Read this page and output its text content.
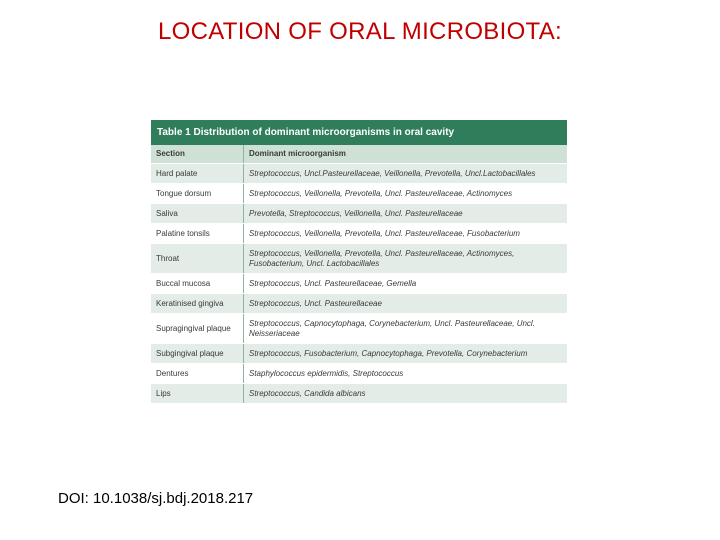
LOCATION OF ORAL MICROBIOTA:
Table 1 Distribution of dominant microorganisms in oral cavity
Section	Dominant microorganism
Hard palate	Streptococcus, Uncl.Pasteurellaceae, Veillonella, Prevotella, Uncl.Lactobacillales
Tongue dorsum	Streptococcus, Veillonella, Prevotella, Uncl. Pasteurellaceae, Actinomyces
Saliva	Prevotella, Streptococcus, Veillonella, Uncl. Pasteurellaceae
Palatine tonsils	Streptococcus, Veillonella, Prevotella, Uncl. Pasteurellaceae, Fusobacterium
Throat	Streptococcus, Veillonella, Prevotella, Uncl. Pasteurellaceae, Actinomyces, Fusobacterium, Uncl. Lactobacillales
Buccal mucosa	Streptococcus, Uncl. Pasteurellaceae, Gemella
Keratinised gingiva	Streptococcus, Uncl. Pasteurellaceae
Supragingival plaque	Streptococcus, Capnocytophaga, Corynebacterium, Uncl. Pasteurellaceae, Uncl. Neisseriaceae
Subgingival plaque	Streptococcus, Fusobacterium, Capnocytophaga, Prevotella, Corynebacterium
Dentures	Staphylococcus epidermidis, Streptococcus
Lips	Streptococcus, Candida albicans
DOI: 10.1038/sj.bdj.2018.217
